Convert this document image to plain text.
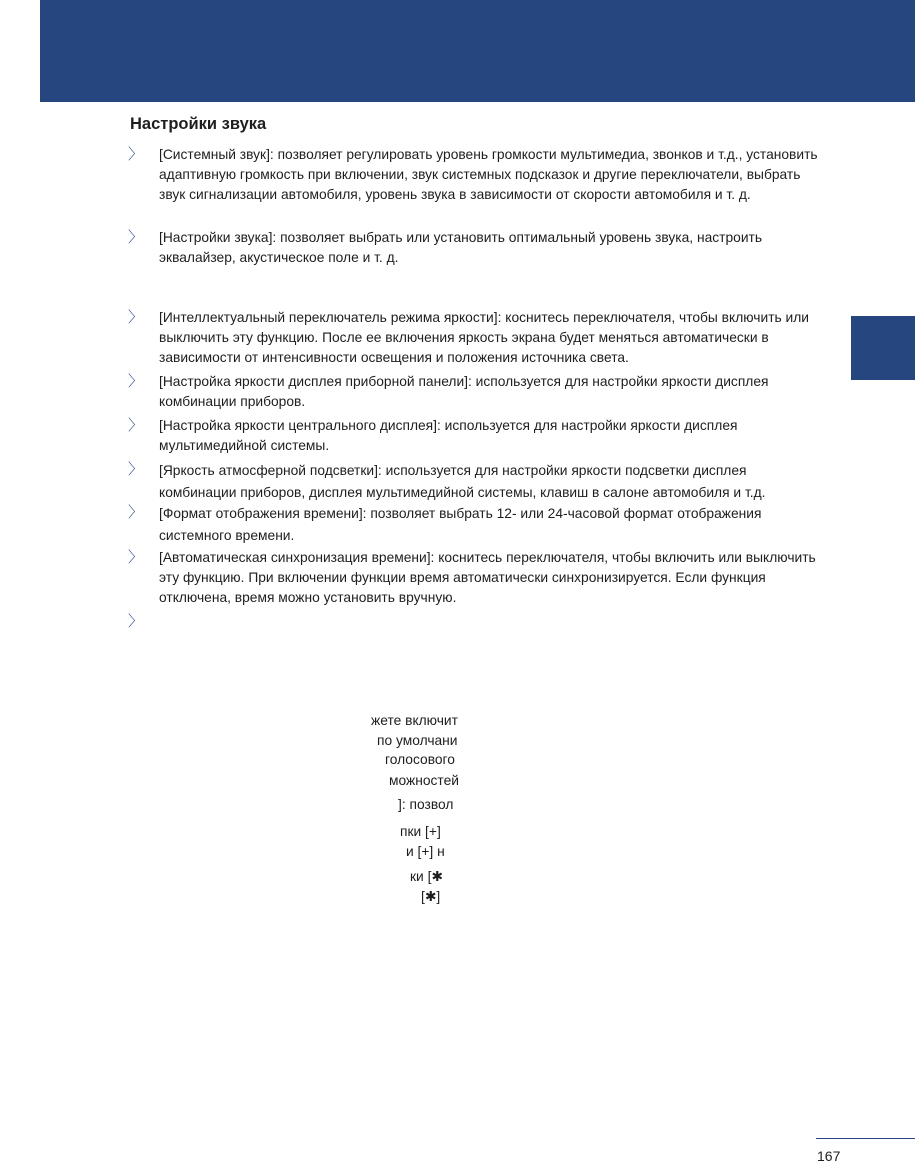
Настройки звука
〉 [Системный звук]: позволяет регулировать уровень громкости мультимедиа, звонков и т.д., установить адаптивную громкость при включении, звук системных подсказок и другие переключатели, выбрать звук сигнализации автомобиля, уровень звука в зависимости от скорости автомобиля и т. д.
〉 [Настройки звука]: позволяет выбрать или установить оптимальный уровень звука, настроить эквалайзер, акустическое поле и т. д.
〉 [Интеллектуальный переключатель режима яркости]: коснитесь переключателя, чтобы включить или выключить эту функцию. После ее включения яркость экрана будет меняться автоматически в зависимости от интенсивности освещения и положения источника света.
〉 [Настройка яркости дисплея приборной панели]: используется для настройки яркости дисплея комбинации приборов.
〉 [Настройка яркости центрального дисплея]: используется для настройки яркости дисплея мультимедийной системы.
〉 [Яркость атмосферной подсветки]: используется для настройки яркости подсветки дисплея комбинации приборов, дисплея мультимедийной системы, клавиш в салоне автомобиля и т.д.
〉 [Формат отображения времени]: позволяет выбрать 12- или 24-часовой формат отображения системного времени.
〉 [Автоматическая синхронизация времени]: коснитесь переключателя, чтобы включить или выключить эту функцию. При включении функции время автоматически синхронизируется. Если функция отключена, время можно установить вручную.
〉
жете включит
по умолчани
голосового
можностей
]: позвол
пки [+]
и [+] н
ки [✱
[✱]
167
